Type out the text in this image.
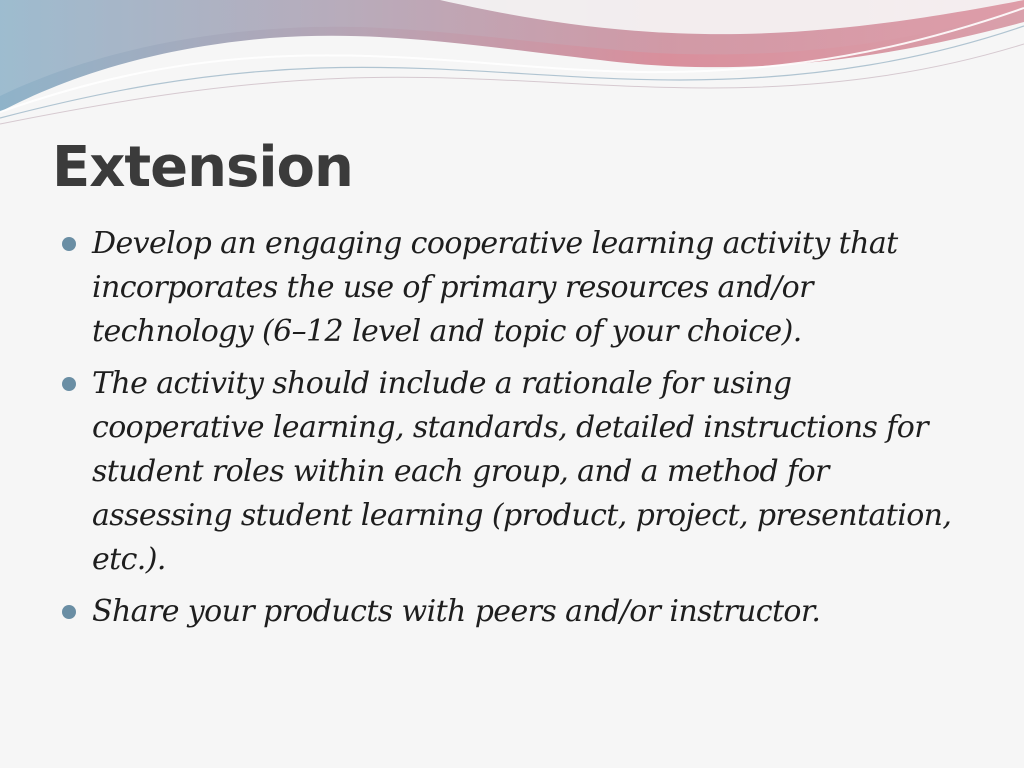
Extension
Develop an engaging cooperative learning activity that incorporates the use of primary resources and/or technology (6–12 level and topic of your choice).
The activity should include a rationale for using cooperative learning, standards, detailed instructions for student roles within each group, and a method for assessing student learning (product, project, presentation, etc.).
Share your products with peers and/or instructor.
